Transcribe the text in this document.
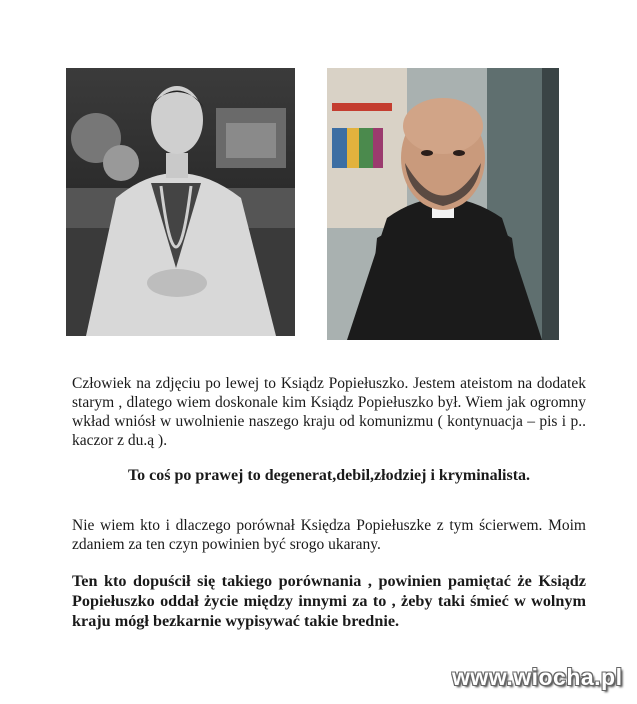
Człowiek na zdjęciu po lewej to Ksiądz Popiełuszko. Jestem ateistom na dodatek starym , dlatego wiem doskonale kim Ksiądz Popiełuszko był. Wiem jak ogromny wkład wniósł w uwolnienie naszego kraju od komunizmu ( kontynuacja – pis i p.. kaczor z du.ą ).
To coś po prawej to degenerat,debil,złodziej i kryminalista.
Nie wiem kto i dlaczego porównał Księdza Popiełuszke z tym ścierwem. Moim zdaniem za ten czyn powinien być srogo ukarany.
Ten kto dopuścił się takiego porównania , powinien pamiętać że Ksiądz Popiełuszko oddał życie między innymi za to , żeby taki śmieć w wolnym kraju mógł bezkarnie wypisywać takie brednie.
www.wiocha.pl
